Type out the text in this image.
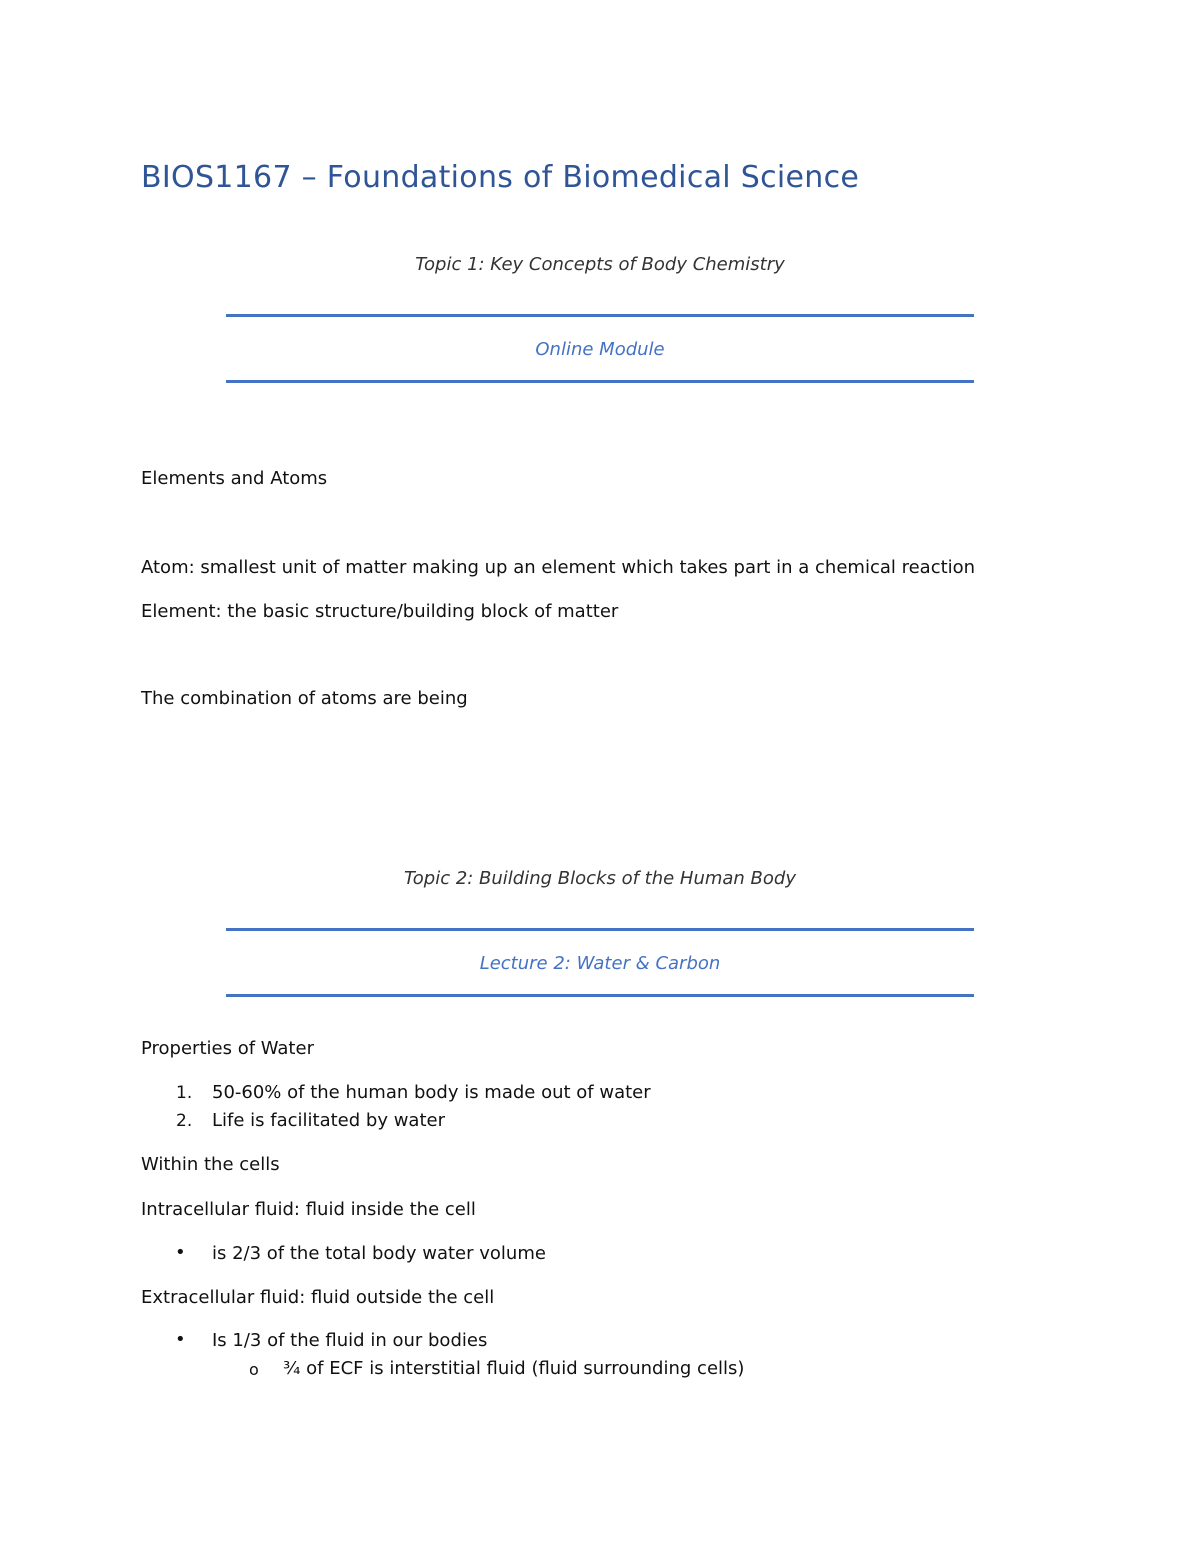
BIOS1167 – Foundations of Biomedical Science
Topic 1: Key Concepts of Body Chemistry
Online Module
Elements and Atoms
Atom: smallest unit of matter making up an element which takes part in a chemical reaction
Element: the basic structure/building block of matter
The combination of atoms are being
Topic 2: Building Blocks of the Human Body
Lecture 2: Water & Carbon
Properties of Water
1. 50-60% of the human body is made out of water
2. Life is facilitated by water
Within the cells
Intracellular fluid: fluid inside the cell
• is 2/3 of the total body water volume
Extracellular fluid: fluid outside the cell
• Is 1/3 of the fluid in our bodies
o ¾ of ECF is interstitial fluid (fluid surrounding cells)
